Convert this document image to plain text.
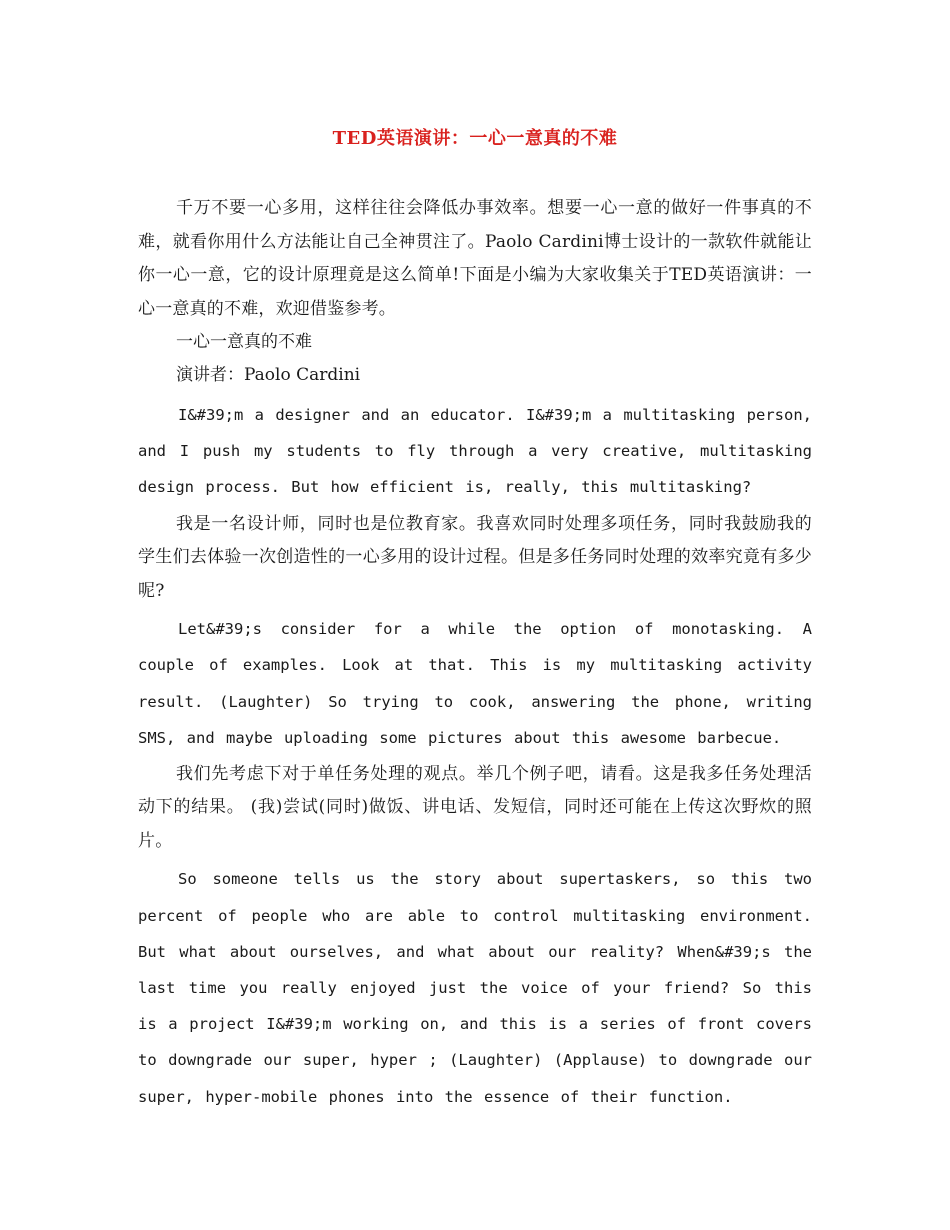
TED英语演讲：一心一意真的不难

千万不要一心多用，这样往往会降低办事效率。想要一心一意的做好一件事真的不难，就看你用什么方法能让自己全神贯注了。Paolo Cardini博士设计的一款软件就能让你一心一意，它的设计原理竟是这么简单!下面是小编为大家收集关于TED英语演讲：一心一意真的不难，欢迎借鉴参考。

一心一意真的不难

演讲者：Paolo Cardini

I&#39;m a designer and an educator. I&#39;m a multitasking person, and I push my students to fly through a very creative, multitasking design process. But how efficient is, really, this multitasking?

我是一名设计师，同时也是位教育家。我喜欢同时处理多项任务，同时我鼓励我的学生们去体验一次创造性的一心多用的设计过程。但是多任务同时处理的效率究竟有多少呢?

Let&#39;s consider for a while the option of monotasking. A couple of examples. Look at that. This is my multitasking activity result. (Laughter) So trying to cook, answering the phone, writing SMS, and maybe uploading some pictures about this awesome barbecue.

我们先考虑下对于单任务处理的观点。举几个例子吧，请看。这是我多任务处理活动下的结果。 (我)尝试(同时)做饭、讲电话、发短信，同时还可能在上传这次野炊的照片。

So someone tells us the story about supertaskers, so this two percent of people who are able to control multitasking environment. But what about ourselves, and what about our reality? When&#39;s the last time you really enjoyed just the voice of your friend? So this is a project I&#39;m working on, and this is a series of front covers to downgrade our super, hyper ; (Laughter) (Applause) to downgrade our super, hyper-mobile phones into the essence of their function.
